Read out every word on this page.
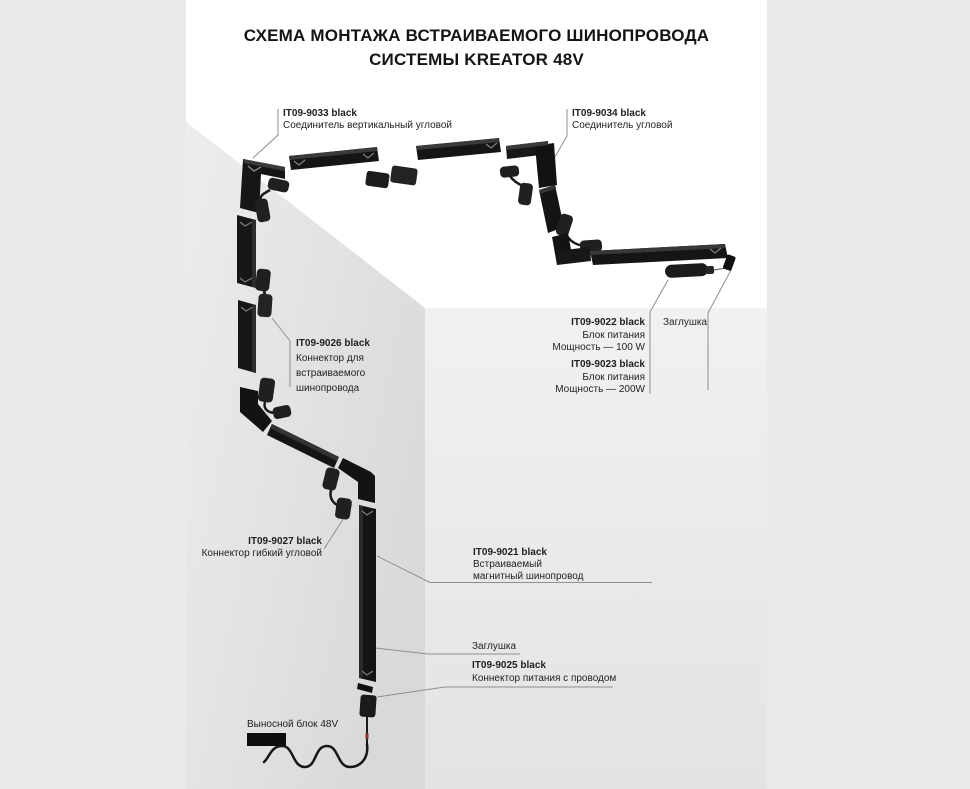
СХЕМА МОНТАЖА ВСТРАИВАЕМОГО ШИНОПРОВОДА
СИСТЕМЫ KREATOR 48V
IT09-9033 black
Соединитель вертикальный угловой
IT09-9034 black
Соединитель угловой
IT09-9022 black
Блок питания
Мощность — 100 W
Заглушка
IT09-9023 black
Блок питания
Мощность — 200W
IT09-9026 black
Коннектор для
встраиваемого
шинопровода
IT09-9027 black
Коннектор гибкий угловой	IT09-9021 black
Встраиваемый
магнитный шинопровод
Заглушка
IT09-9025 black
Коннектор питания с проводом
Выносной блок 48V
